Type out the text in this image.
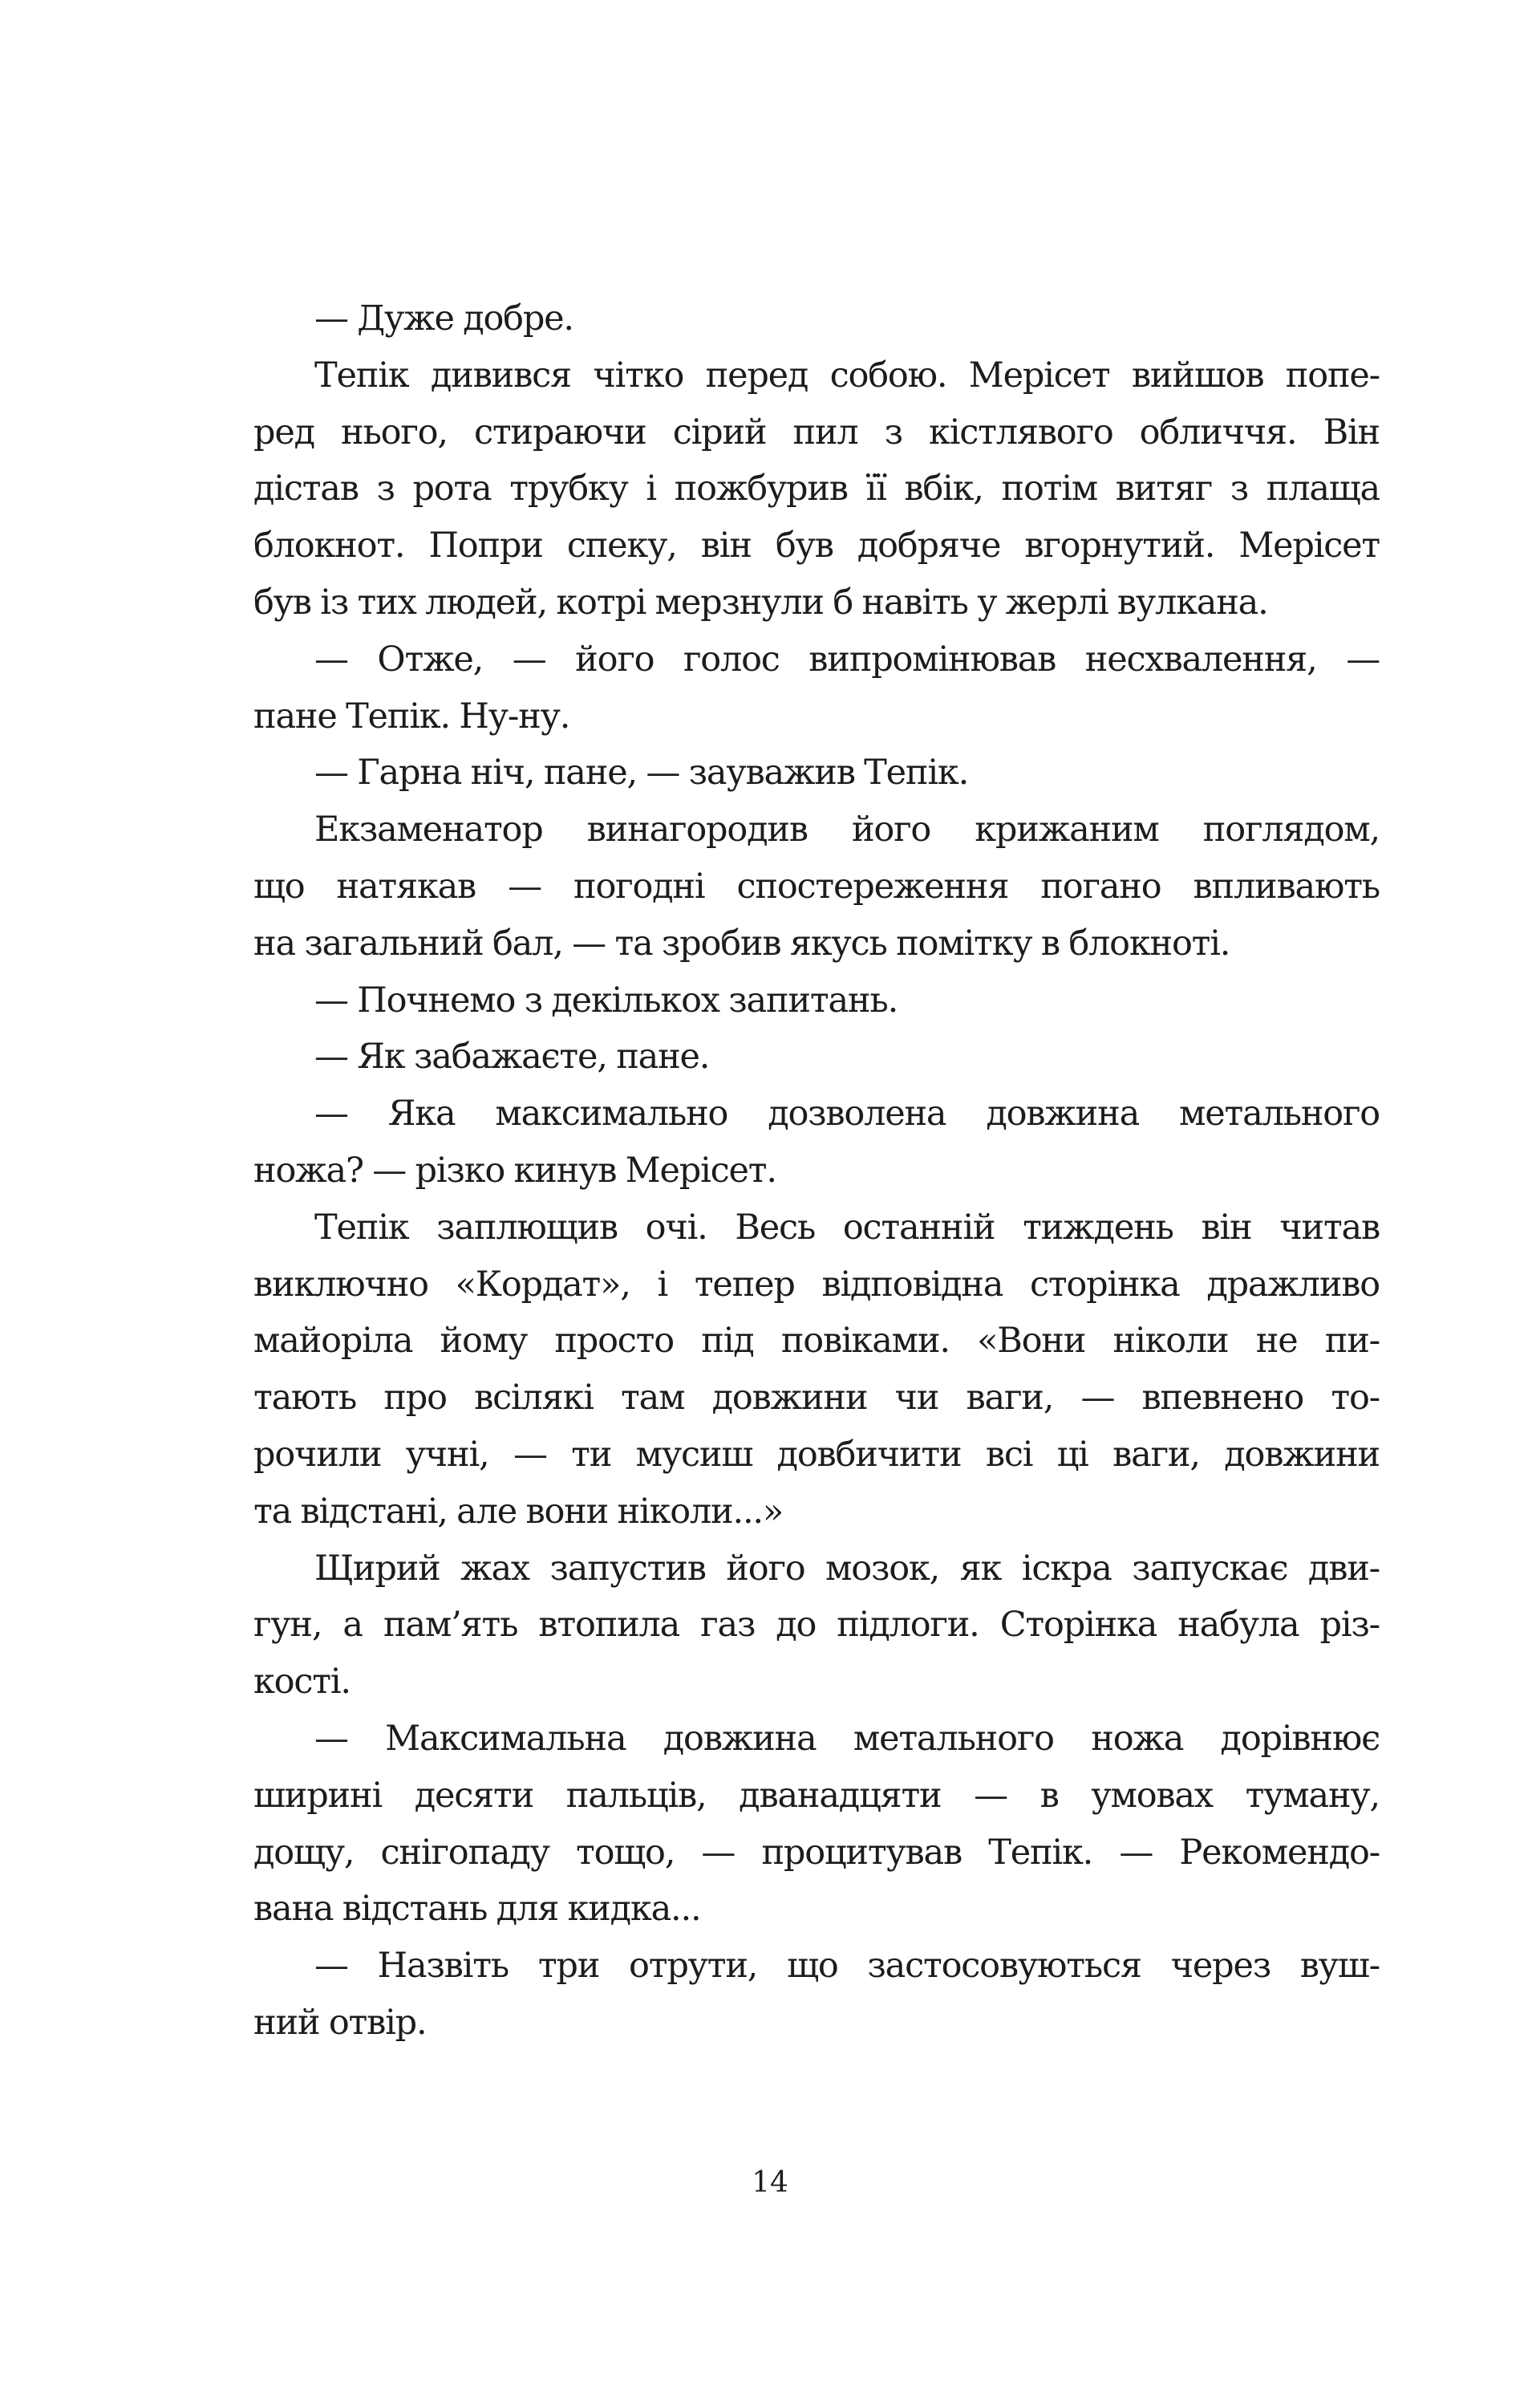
— Дуже добре.
Тепік дивився чітко перед собою. Мерісет вийшов попе-
ред нього, стираючи сірий пил з кістлявого обличчя. Він
дістав з рота трубку і пожбурив її вбік, потім витяг з плаща
блокнот. Попри спеку, він був добряче вгорнутий. Мерісет
був із тих людей, котрі мерзнули б навіть у жерлі вулкана.
— Отже, — його голос випромінював несхвалення, —
пане Тепік. Ну-ну.
— Гарна ніч, пане, — зауважив Тепік.
Екзаменатор винагородив його крижаним поглядом,
що натякав — погодні спостереження погано впливають
на загальний бал, — та зробив якусь помітку в блокноті.
— Почнемо з декількох запитань.
— Як забажаєте, пане.
— Яка максимально дозволена довжина метального
ножа? — різко кинув Мерісет.
Тепік заплющив очі. Весь останній тиждень він читав
виключно «Кордат», і тепер відповідна сторінка дражливо
майоріла йому просто під повіками. «Вони ніколи не пи-
тають про всілякі там довжини чи ваги, — впевнено то-
рочили учні, — ти мусиш довбичити всі ці ваги, довжини
та відстані, але вони ніколи...»
Щирий жах запустив його мозок, як іскра запускає дви-
гун, а пам’ять втопила газ до підлоги. Сторінка набула різ-
кості.
— Максимальна довжина метального ножа дорівнює
ширині десяти пальців, дванадцяти — в умовах туману,
дощу, снігопаду тощо, — процитував Тепік. — Рекомендо-
вана відстань для кидка...
— Назвіть три отрути, що застосовуються через вуш-
ний отвір.
14
